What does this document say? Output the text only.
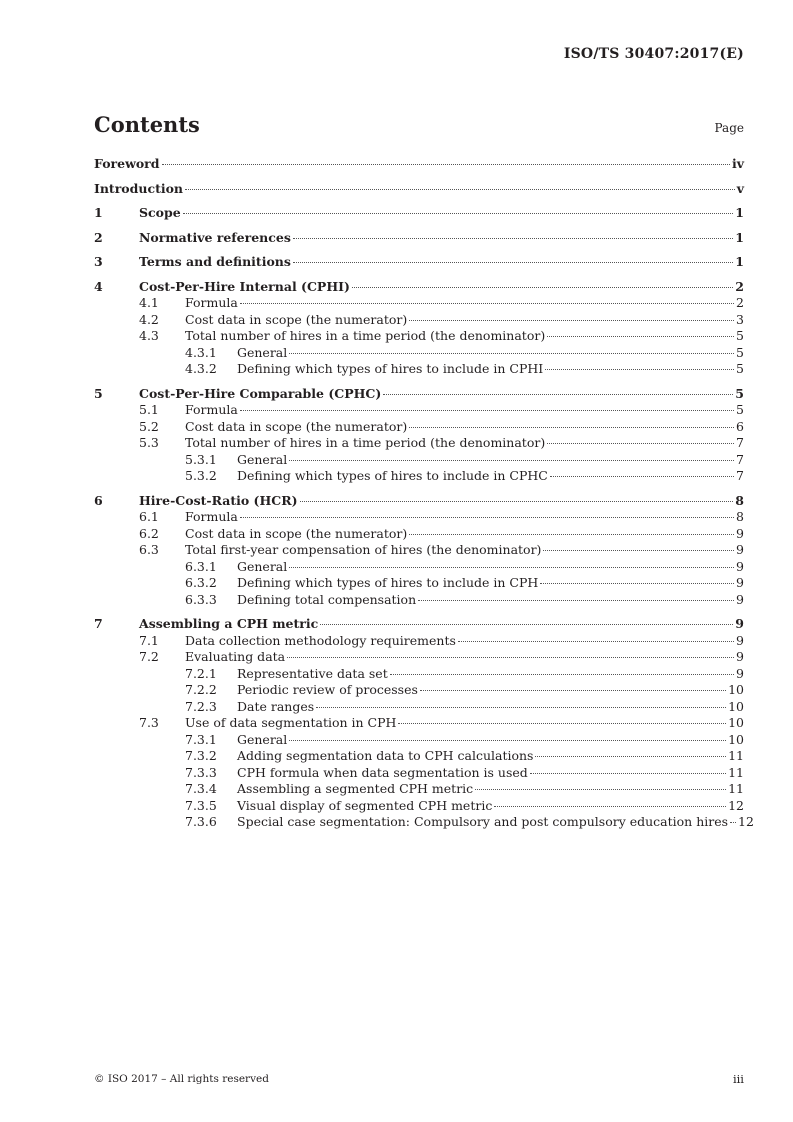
ISO/TS 30407:2017(E)
Contents	Page
Foreword	iv
Introduction	v
1	Scope	1
2	Normative references	1
3	Terms and definitions	1
4	Cost-Per-Hire Internal (CPHI)	2
4.1	Formula	2
4.2	Cost data in scope (the numerator)	3
4.3	Total number of hires in a time period (the denominator)	5
4.3.1	General	5
4.3.2	Defining which types of hires to include in CPHI	5
5	Cost-Per-Hire Comparable (CPHC)	5
5.1	Formula	5
5.2	Cost data in scope (the numerator)	6
5.3	Total number of hires in a time period (the denominator)	7
5.3.1	General	7
5.3.2	Defining which types of hires to include in CPHC	7
6	Hire-Cost-Ratio (HCR)	8
6.1	Formula	8
6.2	Cost data in scope (the numerator)	9
6.3	Total first-year compensation of hires (the denominator)	9
6.3.1	General	9
6.3.2	Defining which types of hires to include in CPH	9
6.3.3	Defining total compensation	9
7	Assembling a CPH metric	9
7.1	Data collection methodology requirements	9
7.2	Evaluating data	9
7.2.1	Representative data set	9
7.2.2	Periodic review of processes	10
7.2.3	Date ranges	10
7.3	Use of data segmentation in CPH	10
7.3.1	General	10
7.3.2	Adding segmentation data to CPH calculations	11
7.3.3	CPH formula when data segmentation is used	11
7.3.4	Assembling a segmented CPH metric	11
7.3.5	Visual display of segmented CPH metric	12
7.3.6	Special case segmentation: Compulsory and post compulsory education hires 12
© ISO 2017 – All rights reserved	iii
